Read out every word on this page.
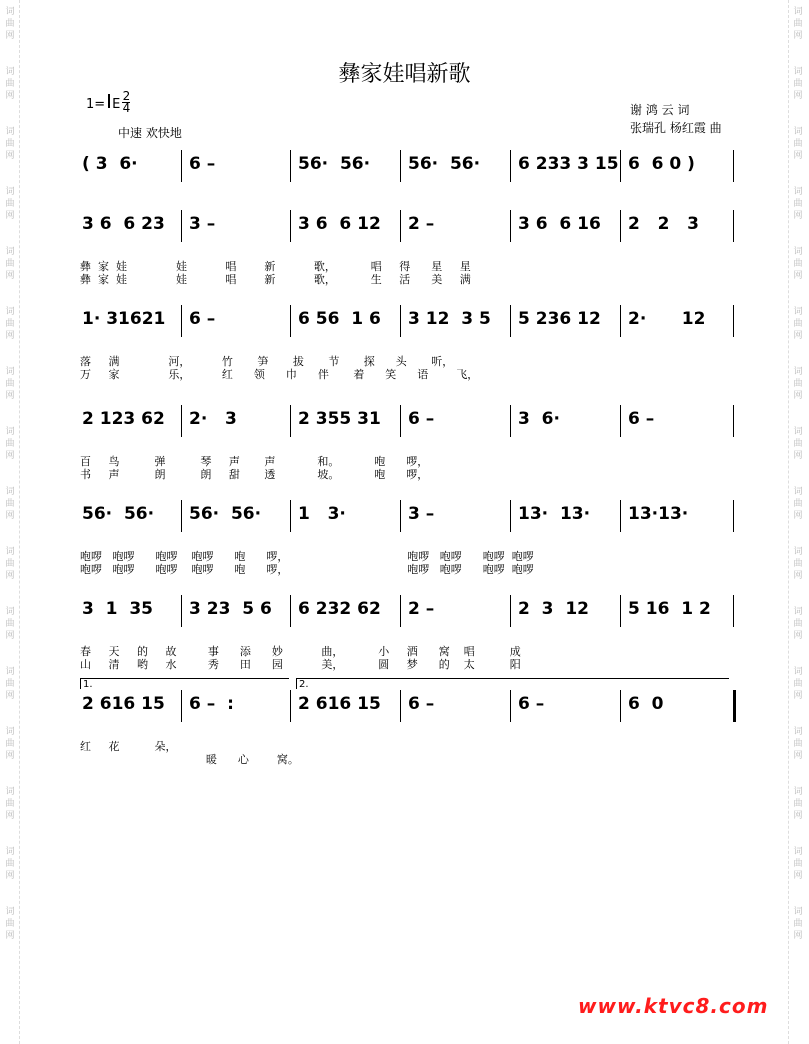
词
曲
网
词
曲
网
词
曲
网
词
曲
网
词
曲
网
词
曲
网
词
曲
网
词
曲
网
词
曲
网
词
曲
网
词
曲
网
词
曲
网
词
曲
网
词
曲
网
词
曲
网
词
曲
网
词
曲
网
词
曲
网
词
曲
网
词
曲
网
词
曲
网
词
曲
网
词
曲
网
词
曲
网
词
曲
网
词
曲
网
词
曲
网
词
曲
网
词
曲
网
词
曲
网
词
曲
网
词
曲
网
彝家娃唱新歌
1= E
2
4
中速 欢快地
谢 鸿 云 词
张瑞孔 杨红霞 曲
( 3  6·	6 –	56·  56· 56·  56· 6 233 3 15 6  6 0 )
3 6  6 23 3 –	3 6  6 12 2 –	3 6  6 16 2   2   3
彝  家  娃              娃           唱        新           歌，          唱     得      星     星
彝  家  娃              娃           唱        新           歌，          生     活      美     满
1· 31621 6 –	6 56  1 6 3 12  3 5 5 236 12 2·      12
落     满              河，         竹       笋       拔       节       探      头       听，
万     家              乐，         红      领      巾      伴       着      笑      语        飞，
2 123 62 2·   3	2 355 31 6 –	3  6·	6 –
百     鸟          弹          琴     声       声            和。          咆      啰，
书     声          朗          朗     甜       透            坡。          咆      啰，
56·  56· 56·  56· 1   3·	3 –	13·  13· 13·13·
咆啰   咆啰      咆啰    咆啰      咆      啰，                                  咆啰   咆啰      咆啰  咆啰
咆啰   咆啰      咆啰    咆啰      咆      啰，                                  咆啰   咆啰      咆啰  咆啰
3  1  35 3 23  5 6 6 232 62 2 –	2  3  12 5 16  1 2
春     天     的     故         事      添      妙           曲，          小     酒      窝    唱          成
山     清     哟     水         秀      田      园           美，          圆     梦      的    太          阳
2 616 15 6 –  :	2 616 15 6 –	6 –	6  0
1.	2.
红     花          朵，
暖      心        窝。
www.ktvc8.com
